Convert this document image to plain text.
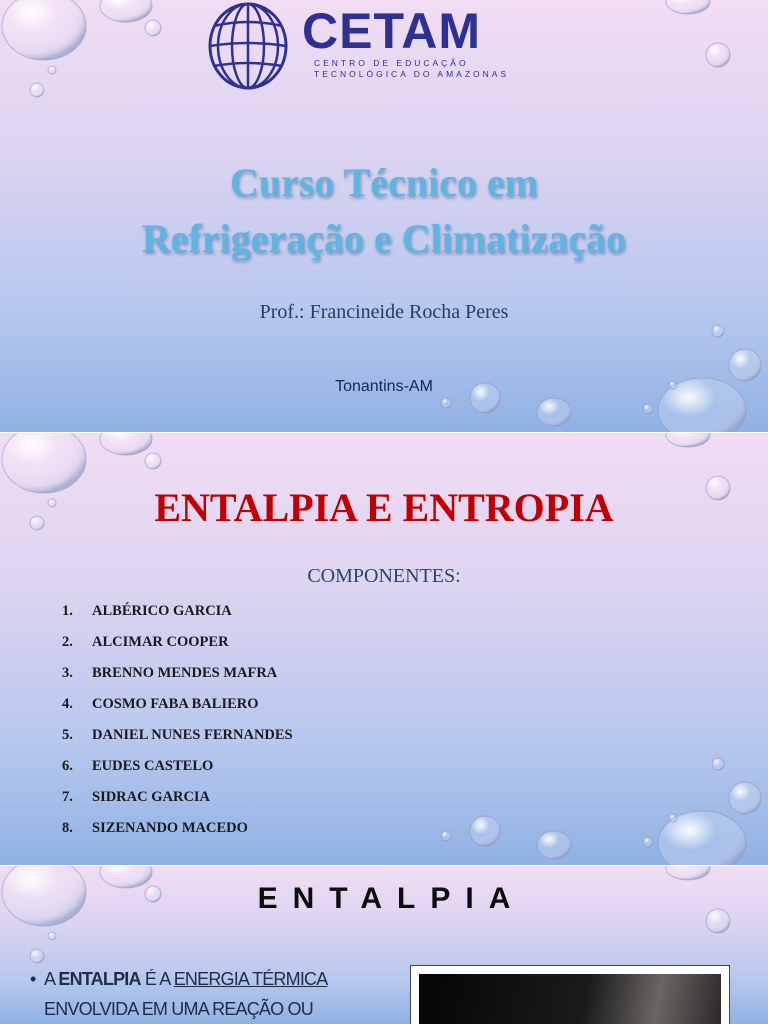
CETAM
CENTRO DE EDUCAÇÃO
TECNOLÓGICA DO AMAZONAS
Curso Técnico em
Refrigeração e Climatização
Prof.: Francineide Rocha Peres
Tonantins-AM
ENTALPIA E ENTROPIA
COMPONENTES:
1. ALBÉRICO GARCIA
2. ALCIMAR COOPER
3. BRENNO MENDES MAFRA
4. COSMO FABA BALIERO
5. DANIEL NUNES FERNANDES
6. EUDES CASTELO
7. SIDRAC GARCIA
8. SIZENANDO MACEDO
ENTALPIA
• A ENTALPIA É A ENERGIA TÉRMICA
ENVOLVIDA EM UMA REAÇÃO OU
